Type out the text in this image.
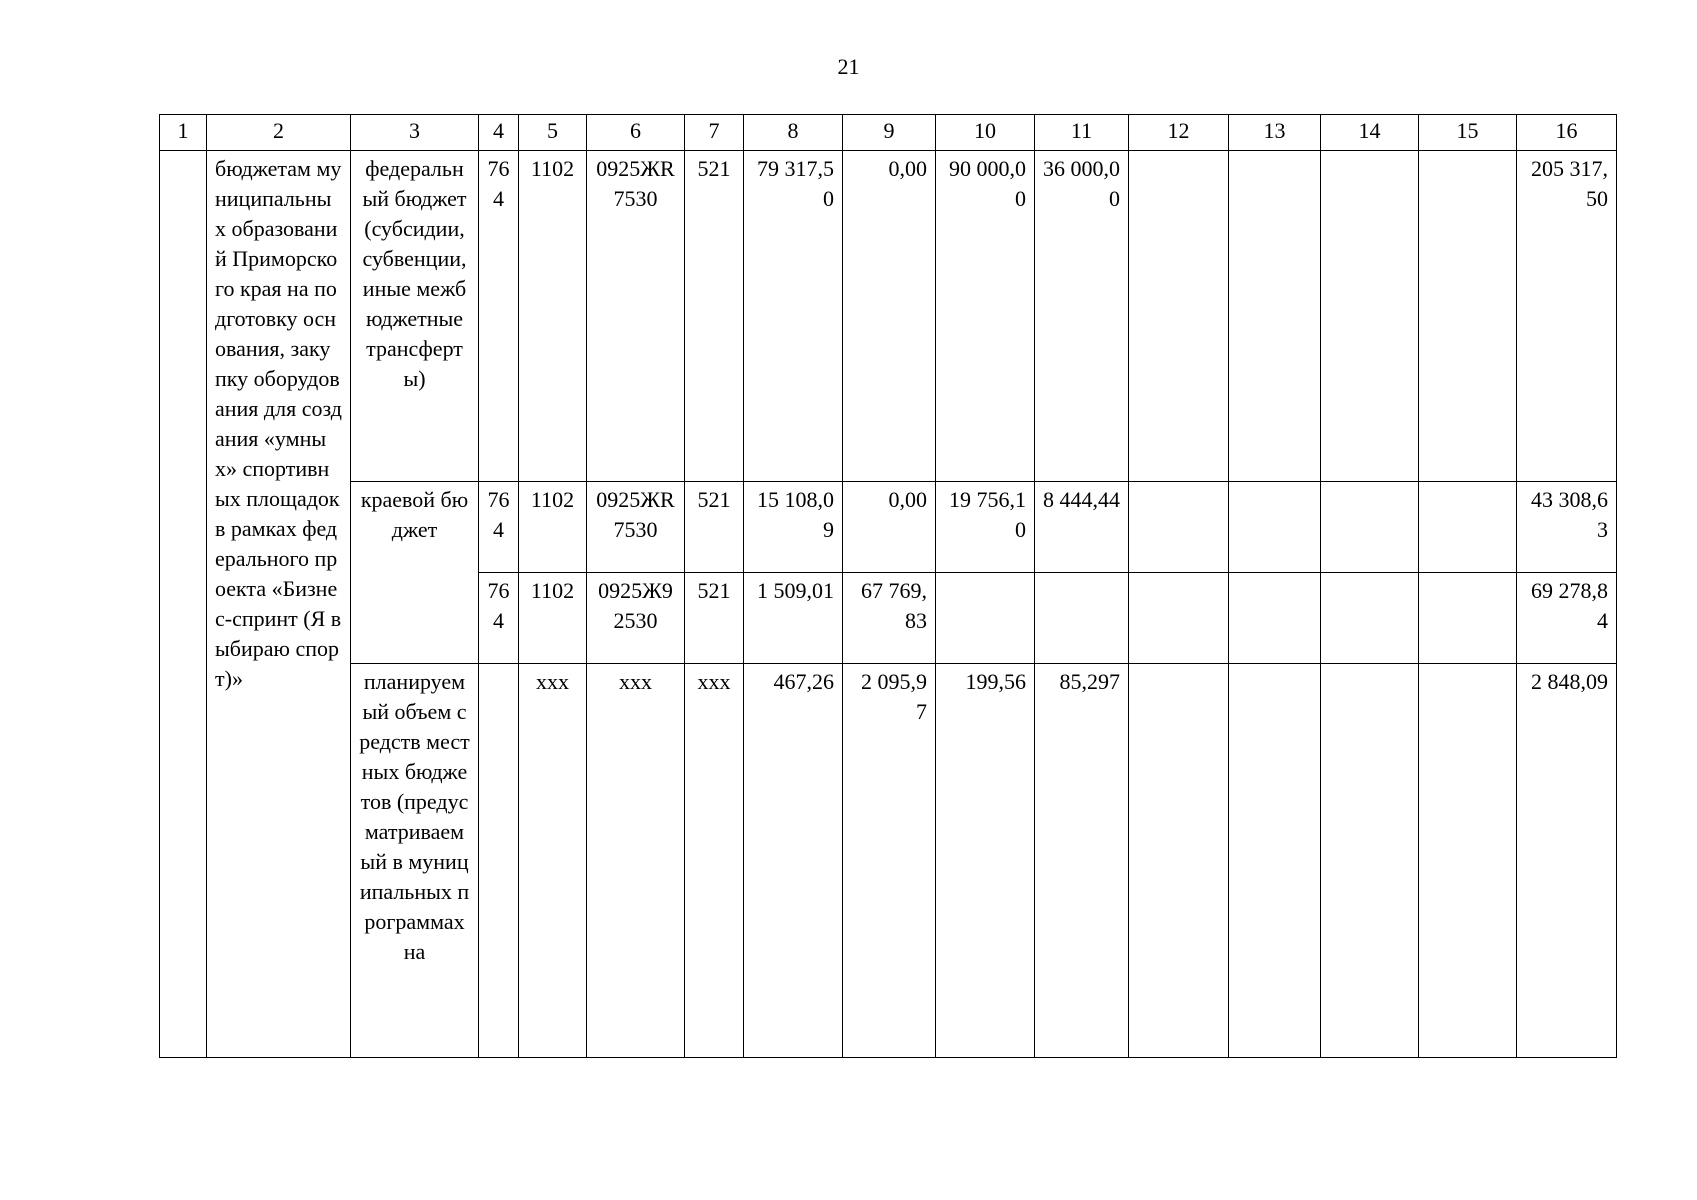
21
1	2	3	4	5	6	7	8	9	10	11	12	13	14	15	16
	бюджетам муниципальных образований Приморского края на подготовку основания, закупку оборудования для создания «умных» спортивных площадок в рамках федерального проекта «Бизнес-спринт (Я выбираю спорт)»	федеральный бюджет (субсидии, субвенции, иные межбюджетные трансферты)	764	1102	0925ЖR7530	521	79 317,50	0,00	90 000,00	36 000,00					205 317,50
		краевой бюджет	764	1102	0925ЖR7530	521	15 108,09	0,00	19 756,10	8 444,44					43 308,63
			764	1102	0925Ж92530	521	1 509,01	67 769,83							69 278,84
		планируемый объем средств местных бюджетов (предусматриваемый в муниципальных программах на		xxx	xxx	xxx	467,26	2 095,97	199,56	85,297					2 848,09
